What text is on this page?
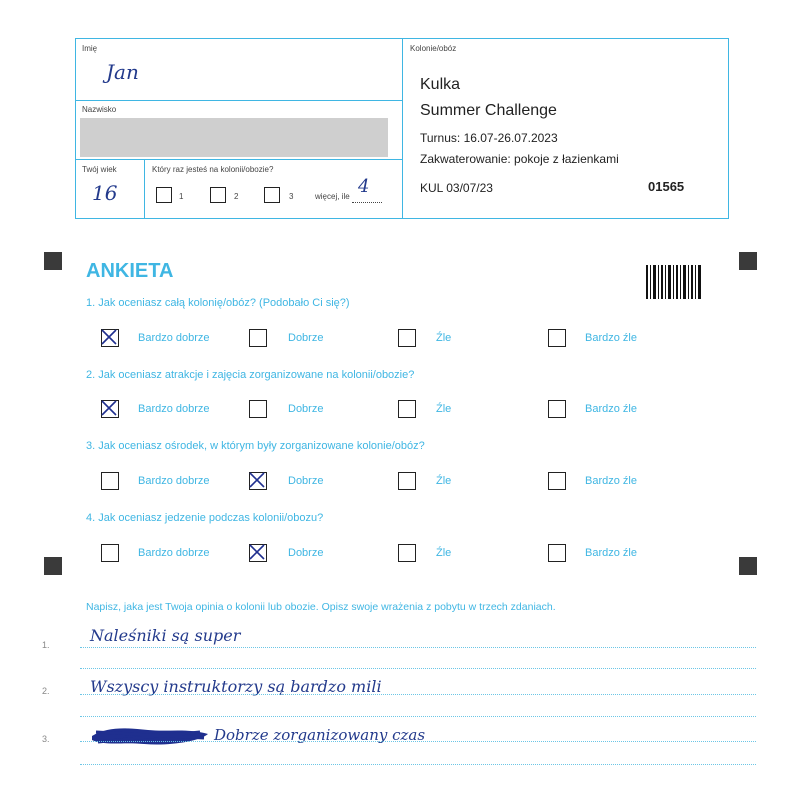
Imię
Jan
Nazwisko
Twój wiek
16
Który raz jesteś na kolonii/obozie?
1	2	3	więcej, ile 4
Kolonie/obóz
Kulka
Summer Challenge
Turnus: 16.07-26.07.2023
Zakwaterowanie: pokoje z łazienkami
KUL 03/07/23	01565
ANKIETA
1. Jak oceniasz całą kolonię/obóz? (Podobało Ci się?)
Bardzo dobrze	Dobrze	Źle	Bardzo źle
2. Jak oceniasz atrakcje i zajęcia zorganizowane na kolonii/obozie?
Bardzo dobrze	Dobrze	Źle	Bardzo źle
3. Jak oceniasz ośrodek, w którym były zorganizowane kolonie/obóz?
Bardzo dobrze	Dobrze	Źle	Bardzo źle
4. Jak oceniasz jedzenie podczas kolonii/obozu?
Bardzo dobrze	Dobrze	Źle	Bardzo źle
Napisz, jaka jest Twoja opinia o kolonii lub obozie. Opisz swoje wrażenia z pobytu w trzech zdaniach.
1.	Naleśniki są super
2.	Wszyscy instruktorzy są bardzo mili
3.	Dobrze zorganizowany czas
